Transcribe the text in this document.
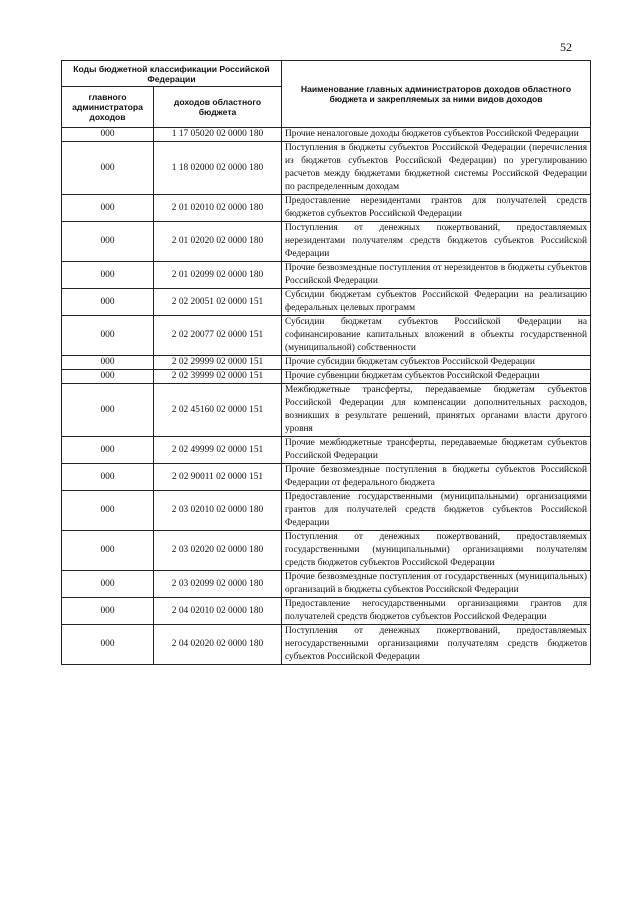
52
Коды бюджетной классификации Российской Федерации		Наименование главных администраторов доходов областного бюджета и закрепляемых за ними видов доходов
главного администратора доходов	доходов областного бюджета	
000	1 17 05020 02 0000 180	Прочие неналоговые доходы бюджетов субъектов Российской Федерации
000	1 18 02000 02 0000 180	Поступления в бюджеты субъектов Российской Федерации (перечисления из бюджетов субъектов Российской Федерации) по урегулированию расчетов между бюджетами бюджетной системы Российской Федерации по распределенным доходам
000	2 01 02010 02 0000 180	Предоставление нерезидентами грантов для получателей средств бюджетов субъектов Российской Федерации
000	2 01 02020 02 0000 180	Поступления от денежных пожертвований, предоставляемых нерезидентами получателям средств бюджетов субъектов Российской Федерации
000	2 01 02099 02 0000 180	Прочие безвозмездные поступления от нерезидентов в бюджеты субъектов Российской Федерации
000	2 02 20051 02 0000 151	Субсидии бюджетам субъектов Российской Федерации на реализацию федеральных целевых программ
000	2 02 20077 02 0000 151	Субсидии бюджетам субъектов Российской Федерации на софинансирование капитальных вложений в объекты государственной (муниципальной) собственности
000	2 02 29999 02 0000 151	Прочие субсидии бюджетам субъектов Российской Федерации
000	2 02 39999 02 0000 151	Прочие субвенции бюджетам субъектов Российской Федерации
000	2 02 45160 02 0000 151	Межбюджетные трансферты, передаваемые бюджетам субъектов Российской Федерации для компенсации дополнительных расходов, возникших в результате решений, принятых органами власти другого уровня
000	2 02 49999 02 0000 151	Прочие межбюджетные трансферты, передаваемые бюджетам субъектов Российской Федерации
000	2 02 90011 02 0000 151	Прочие безвозмездные поступления в бюджеты субъектов Российской Федерации от федерального бюджета
000	2 03 02010 02 0000 180	Предоставление государственными (муниципальными) организациями грантов для получателей средств бюджетов субъектов Российской Федерации
000	2 03 02020 02 0000 180	Поступления от денежных пожертвований, предоставляемых государственными (муниципальными) организациями получателям средств бюджетов субъектов Российской Федерации
000	2 03 02099 02 0000 180	Прочие безвозмездные поступления от государственных (муниципальных) организаций в бюджеты субъектов Российской Федерации
000	2 04 02010 02 0000 180	Предоставление негосударственными организациями грантов для получателей средств бюджетов субъектов Российской Федерации
000	2 04 02020 02 0000 180	Поступления от денежных пожертвований, предоставляемых негосударственными организациями получателям средств бюджетов субъектов Российской Федерации
